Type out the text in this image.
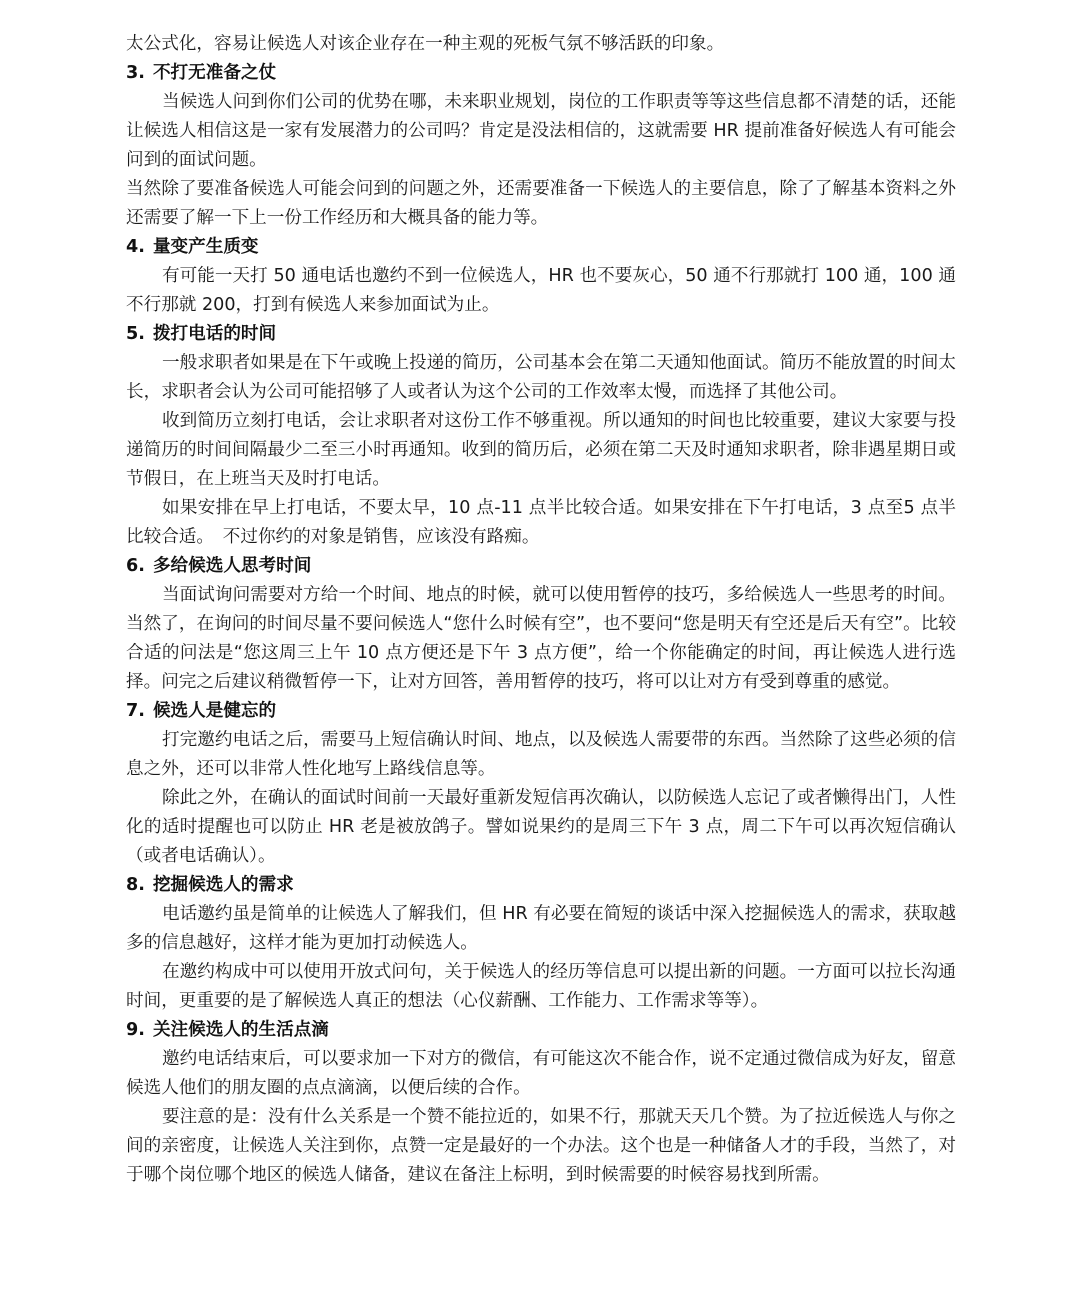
太公式化，容易让候选人对该企业存在一种主观的死板气氛不够活跃的印象。

3. 不打无准备之仗

当候选人问到你们公司的优势在哪，未来职业规划，岗位的工作职责等等这些信息都不清楚的话，还能让候选人相信这是一家有发展潜力的公司吗？肯定是没法相信的，这就需要 HR 提前准备好候选人有可能会问到的面试问题。

当然除了要准备候选人可能会问到的问题之外，还需要准备一下候选人的主要信息，除了了解基本资料之外还需要了解一下上一份工作经历和大概具备的能力等。

4. 量变产生质变

有可能一天打 50 通电话也邀约不到一位候选人，HR 也不要灰心，50 通不行那就打 100 通，100 通不行那就 200，打到有候选人来参加面试为止。

5. 拨打电话的时间

一般求职者如果是在下午或晚上投递的简历，公司基本会在第二天通知他面试。简历不能放置的时间太长，求职者会认为公司可能招够了人或者认为这个公司的工作效率太慢，而选择了其他公司。

收到简历立刻打电话，会让求职者对这份工作不够重视。所以通知的时间也比较重要，建议大家要与投递简历的时间间隔最少二至三小时再通知。收到的简历后，必须在第二天及时通知求职者，除非遇星期日或节假日，在上班当天及时打电话。

如果安排在早上打电话，不要太早，10 点-11 点半比较合适。如果安排在下午打电话，3 点至5 点半比较合适。　不过你约的对象是销售，应该没有路痴。

6. 多给候选人思考时间

当面试询问需要对方给一个时间、地点的时候，就可以使用暂停的技巧，多给候选人一些思考的时间。当然了，在询问的时间尽量不要问候选人“您什么时候有空”，也不要问“您是明天有空还是后天有空”。比较合适的问法是“您这周三上午 10 点方便还是下午 3 点方便”，给一个你能确定的时间，再让候选人进行选择。问完之后建议稍微暂停一下，让对方回答，善用暂停的技巧，将可以让对方有受到尊重的感觉。

7. 候选人是健忘的

打完邀约电话之后，需要马上短信确认时间、地点，以及候选人需要带的东西。当然除了这些必须的信息之外，还可以非常人性化地写上路线信息等。

除此之外，在确认的面试时间前一天最好重新发短信再次确认，以防候选人忘记了或者懒得出门，人性化的适时提醒也可以防止 HR 老是被放鸽子。譬如说果约的是周三下午 3 点，周二下午可以再次短信确认（或者电话确认）。

8. 挖掘候选人的需求

电话邀约虽是简单的让候选人了解我们，但 HR 有必要在简短的谈话中深入挖掘候选人的需求，获取越多的信息越好，这样才能为更加打动候选人。

在邀约构成中可以使用开放式问句，关于候选人的经历等信息可以提出新的问题。一方面可以拉长沟通时间，更重要的是了解候选人真正的想法（心仪薪酬、工作能力、工作需求等等）。

9. 关注候选人的生活点滴

邀约电话结束后，可以要求加一下对方的微信，有可能这次不能合作，说不定通过微信成为好友，留意候选人他们的朋友圈的点点滴滴，以便后续的合作。

要注意的是：没有什么关系是一个赞不能拉近的，如果不行，那就天天几个赞。为了拉近候选人与你之间的亲密度，让候选人关注到你，点赞一定是最好的一个办法。这个也是一种储备人才的手段，当然了，对于哪个岗位哪个地区的候选人储备，建议在备注上标明，到时候需要的时候容易找到所需。
